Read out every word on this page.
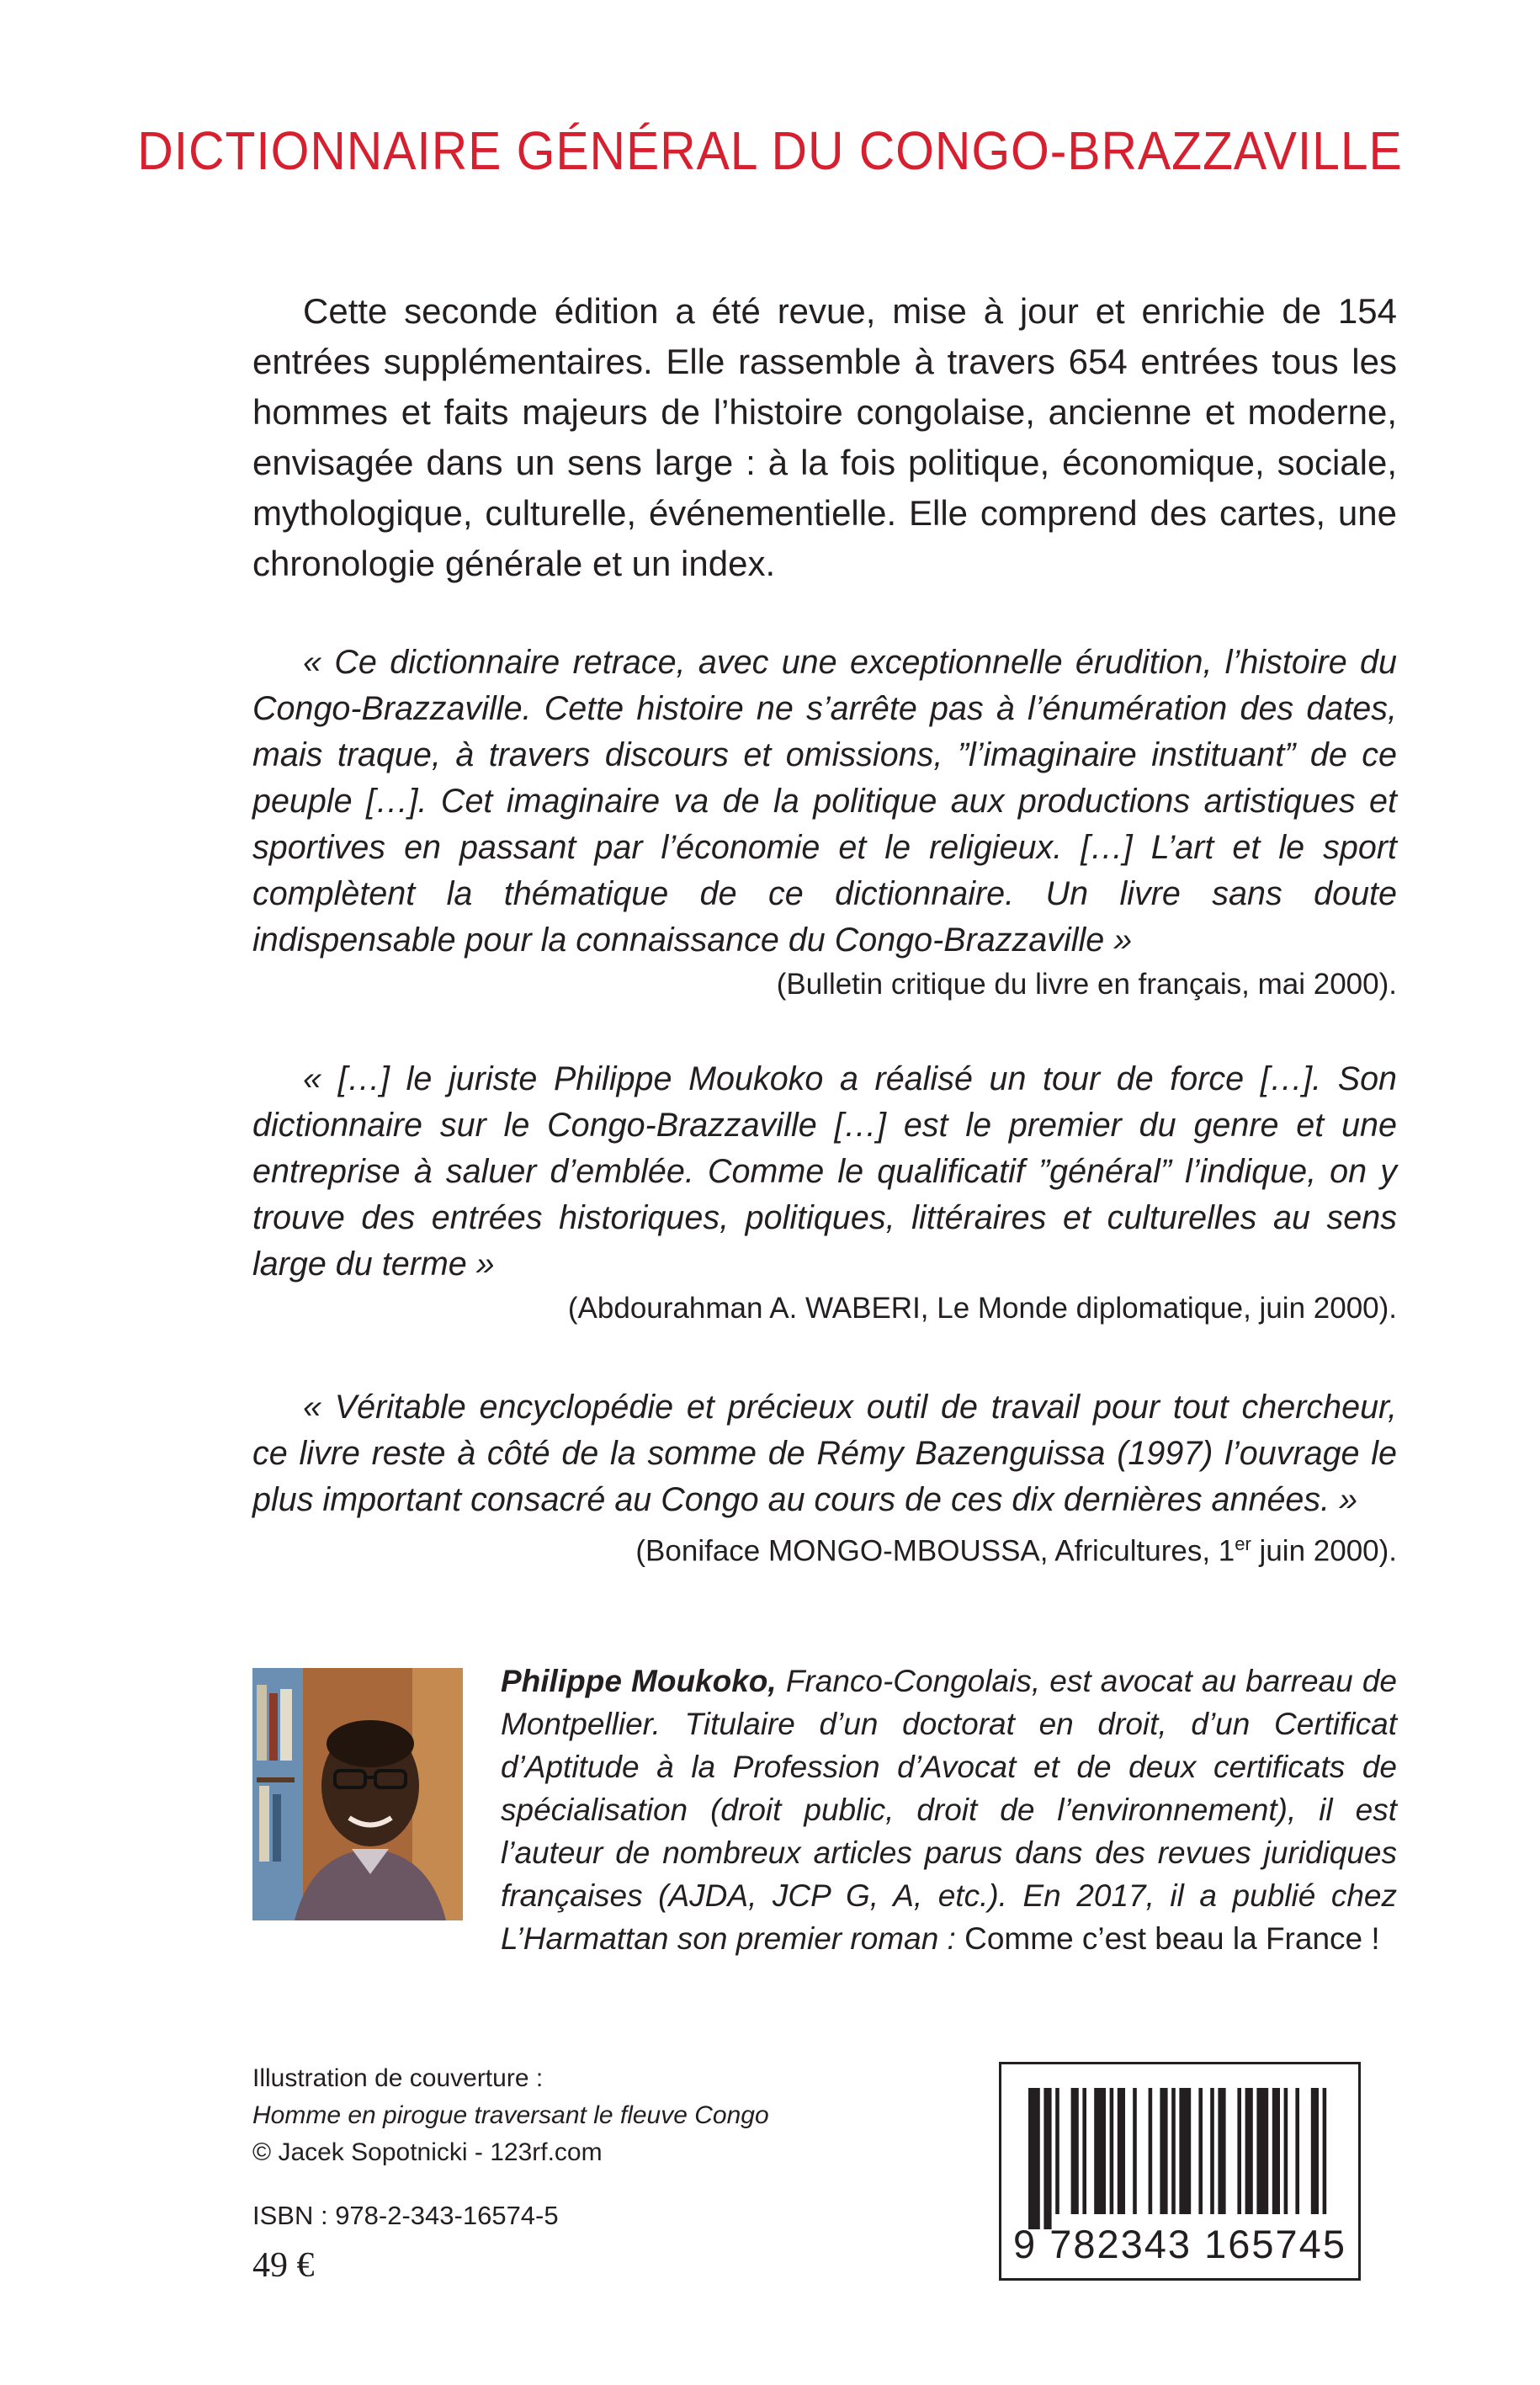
DICTIONNAIRE GÉNÉRAL DU CONGO-BRAZZAVILLE

Cette seconde édition a été revue, mise à jour et enrichie de 154 entrées supplémentaires. Elle rassemble à travers 654 entrées tous les hommes et faits majeurs de l’histoire congolaise, ancienne et moderne, envisagée dans un sens large : à la fois politique, économique, sociale, mythologique, culturelle, événementielle. Elle comprend des cartes, une chronologie générale et un index.

« Ce dictionnaire retrace, avec une exceptionnelle érudition, l’histoire du Congo-Brazzaville. Cette histoire ne s’arrête pas à l’énumération des dates, mais traque, à travers discours et omissions, ”l’imaginaire instituant” de ce peuple […]. Cet imaginaire va de la politique aux productions artistiques et sportives en passant par l’économie et le religieux. […] L’art et le sport complètent la thématique de ce dictionnaire. Un livre sans doute indispensable pour la connaissance du Congo-Brazzaville »
(Bulletin critique du livre en français, mai 2000).
« […] le juriste Philippe Moukoko a réalisé un tour de force […]. Son dictionnaire sur le Congo-Brazzaville […] est le premier du genre et une entreprise à saluer d’emblée. Comme le qualificatif ”général” l’indique, on y trouve des entrées historiques, politiques, littéraires et culturelles au sens large du terme »
(Abdourahman A. WABERI, Le Monde diplomatique, juin 2000).
« Véritable encyclopédie et précieux outil de travail pour tout chercheur, ce livre reste à côté de la somme de Rémy Bazenguissa (1997) l’ouvrage le plus important consacré au Congo au cours de ces dix dernières années. »
(Boniface MONGO-MBOUSSA, Africultures, 1er juin 2000).

Philippe Moukoko, Franco-Congolais, est avocat au barreau de Montpellier. Titulaire d’un doctorat en droit, d’un Certificat d’Aptitude à la Profession d’Avocat et de deux certificats de spécialisation (droit public, droit de l’environnement), il est l’auteur de nombreux articles parus dans des revues juridiques françaises (AJDA, JCP G, A, etc.). En 2017, il a publié chez L’Harmattan son premier roman : Comme c’est beau la France !

Illustration de couverture :
Homme en pirogue traversant le fleuve Congo
© Jacek Sopotnicki - 123rf.com
ISBN : 978-2-343-16574-5
49 €	9 782343 165745
